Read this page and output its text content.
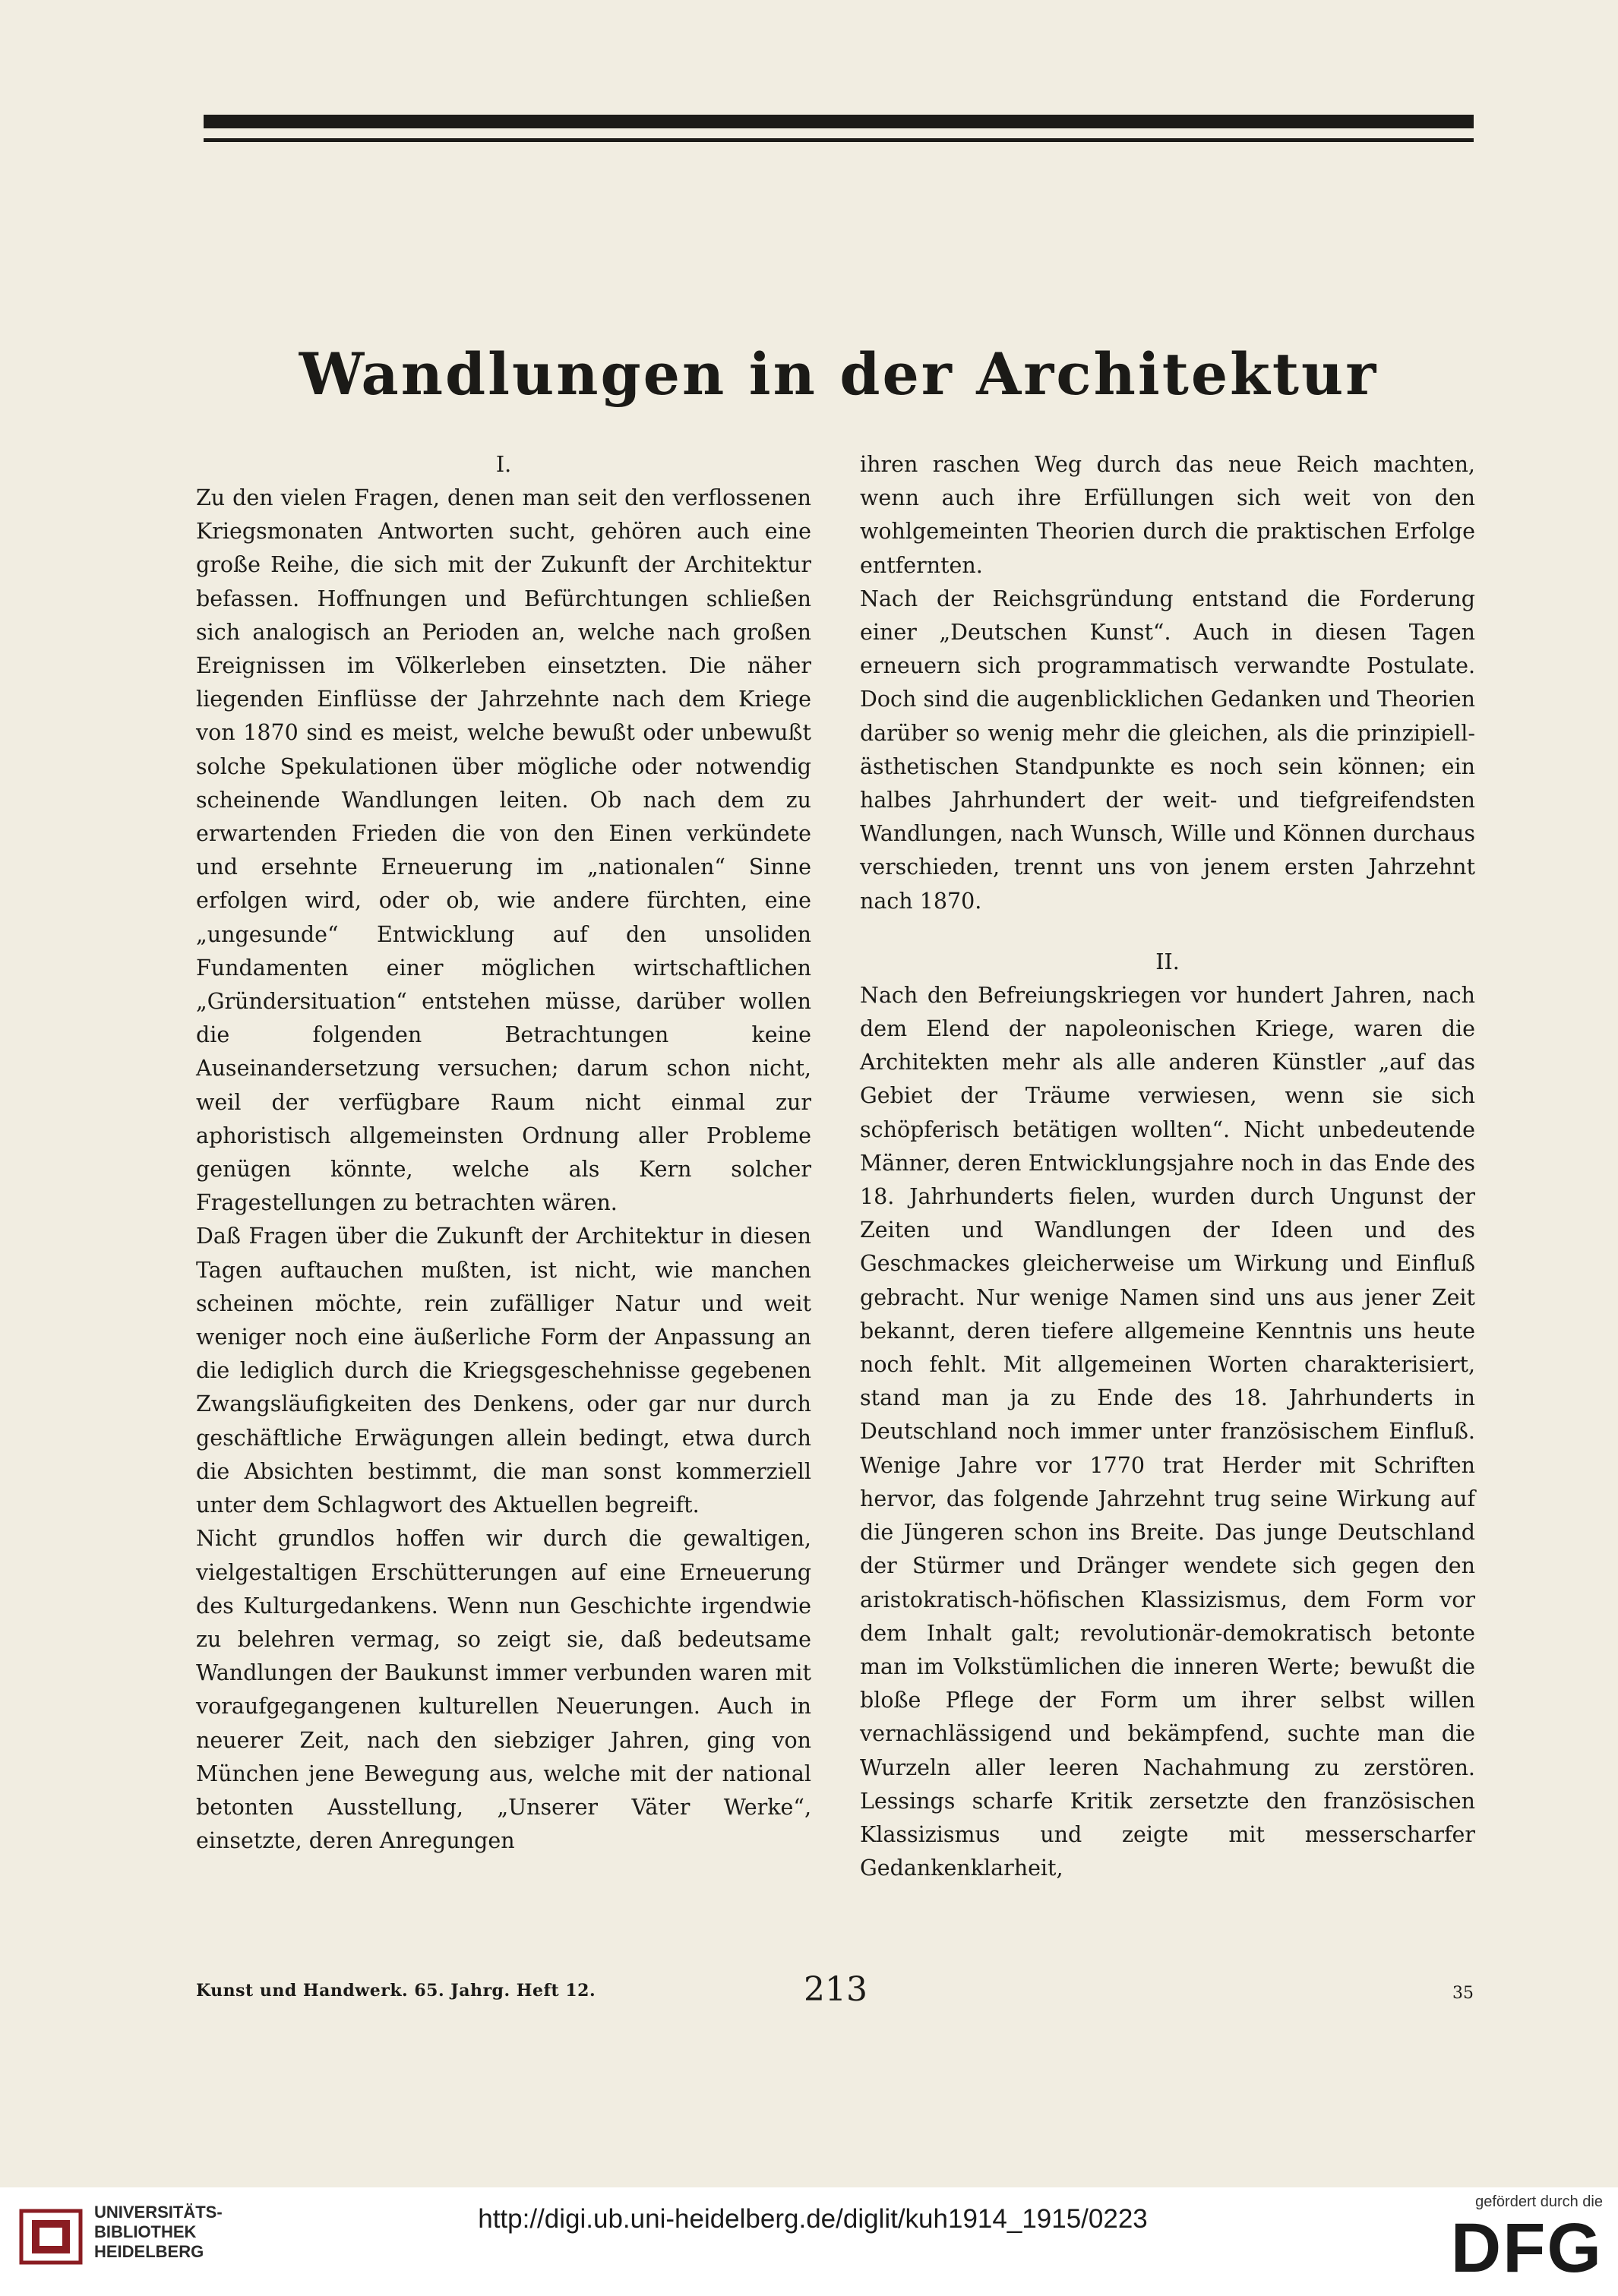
Wandlungen in der Architektur
I.

Zu den vielen Fragen, denen man seit den verflossenen Kriegsmonaten Antworten sucht, gehören auch eine große Reihe, die sich mit der Zukunft der Architektur befassen. Hoffnungen und Befürchtungen schließen sich analogisch an Perioden an, welche nach großen Ereignissen im Völkerleben einsetzten. Die näher liegenden Einflüsse der Jahrzehnte nach dem Kriege von 1870 sind es meist, welche bewußt oder unbewußt solche Spekulationen über mögliche oder notwendig scheinende Wandlungen leiten. Ob nach dem zu erwartenden Frieden die von den Einen verkündete und ersehnte Erneuerung im „nationalen“ Sinne erfolgen wird, oder ob, wie andere fürchten, eine „ungesunde“ Entwicklung auf den unsoliden Fundamenten einer möglichen wirtschaftlichen „Gründersituation“ entstehen müsse, darüber wollen die folgenden Betrachtungen keine Auseinandersetzung versuchen; darum schon nicht, weil der verfügbare Raum nicht einmal zur aphoristisch allgemeinsten Ordnung aller Probleme genügen könnte, welche als Kern solcher Fragestellungen zu betrachten wären.

Daß Fragen über die Zukunft der Architektur in diesen Tagen auftauchen mußten, ist nicht, wie manchen scheinen möchte, rein zufälliger Natur und weit weniger noch eine äußerliche Form der Anpassung an die lediglich durch die Kriegsgeschehnisse gegebenen Zwangsläufigkeiten des Denkens, oder gar nur durch geschäftliche Erwägungen allein bedingt, etwa durch die Absichten bestimmt, die man sonst kommerziell unter dem Schlagwort des Aktuellen begreift.

Nicht grundlos hoffen wir durch die gewaltigen, vielgestaltigen Erschütterungen auf eine Erneuerung des Kulturgedankens. Wenn nun Geschichte irgendwie zu belehren vermag, so zeigt sie, daß bedeutsame Wandlungen der Baukunst immer verbunden waren mit voraufgegangenen kulturellen Neuerungen. Auch in neuerer Zeit, nach den siebziger Jahren, ging von München jene Bewegung aus, welche mit der national betonten Ausstellung, „Unserer Väter Werke“, einsetzte, deren Anregungen

ihren raschen Weg durch das neue Reich machten, wenn auch ihre Erfüllungen sich weit von den wohlgemeinten Theorien durch die praktischen Erfolge entfernten.

Nach der Reichsgründung entstand die Forderung einer „Deutschen Kunst“. Auch in diesen Tagen erneuern sich programmatisch verwandte Postulate. Doch sind die augenblicklichen Gedanken und Theorien darüber so wenig mehr die gleichen, als die prinzipiell-ästhetischen Standpunkte es noch sein können; ein halbes Jahrhundert der weit- und tiefgreifendsten Wandlungen, nach Wunsch, Wille und Können durchaus verschieden, trennt uns von jenem ersten Jahrzehnt nach 1870.

II.

Nach den Befreiungskriegen vor hundert Jahren, nach dem Elend der napoleonischen Kriege, waren die Architekten mehr als alle anderen Künstler „auf das Gebiet der Träume verwiesen, wenn sie sich schöpferisch betätigen wollten“. Nicht unbedeutende Männer, deren Entwicklungsjahre noch in das Ende des 18. Jahrhunderts fielen, wurden durch Ungunst der Zeiten und Wandlungen der Ideen und des Geschmackes gleicherweise um Wirkung und Einfluß gebracht. Nur wenige Namen sind uns aus jener Zeit bekannt, deren tiefere allgemeine Kenntnis uns heute noch fehlt. Mit allgemeinen Worten charakterisiert, stand man ja zu Ende des 18. Jahrhunderts in Deutschland noch immer unter französischem Einfluß. Wenige Jahre vor 1770 trat Herder mit Schriften hervor, das folgende Jahrzehnt trug seine Wirkung auf die Jüngeren schon ins Breite. Das junge Deutschland der Stürmer und Dränger wendete sich gegen den aristokratisch-höfischen Klassizismus, dem Form vor dem Inhalt galt; revolutionär-demokratisch betonte man im Volkstümlichen die inneren Werte; bewußt die bloße Pflege der Form um ihrer selbst willen vernachlässigend und bekämpfend, suchte man die Wurzeln aller leeren Nachahmung zu zerstören. Lessings scharfe Kritik zersetzte den französischen Klassizismus und zeigte mit messerscharfer Gedankenklarheit,

Kunst und Handwerk. 65. Jahrg. Heft 12.	213	35
UNIVERSITÄTS-
BIBLIOTHEK
HEIDELBERG
http://digi.ub.uni-heidelberg.de/diglit/kuh1914_1915/0223
gefördert durch die
DFG
